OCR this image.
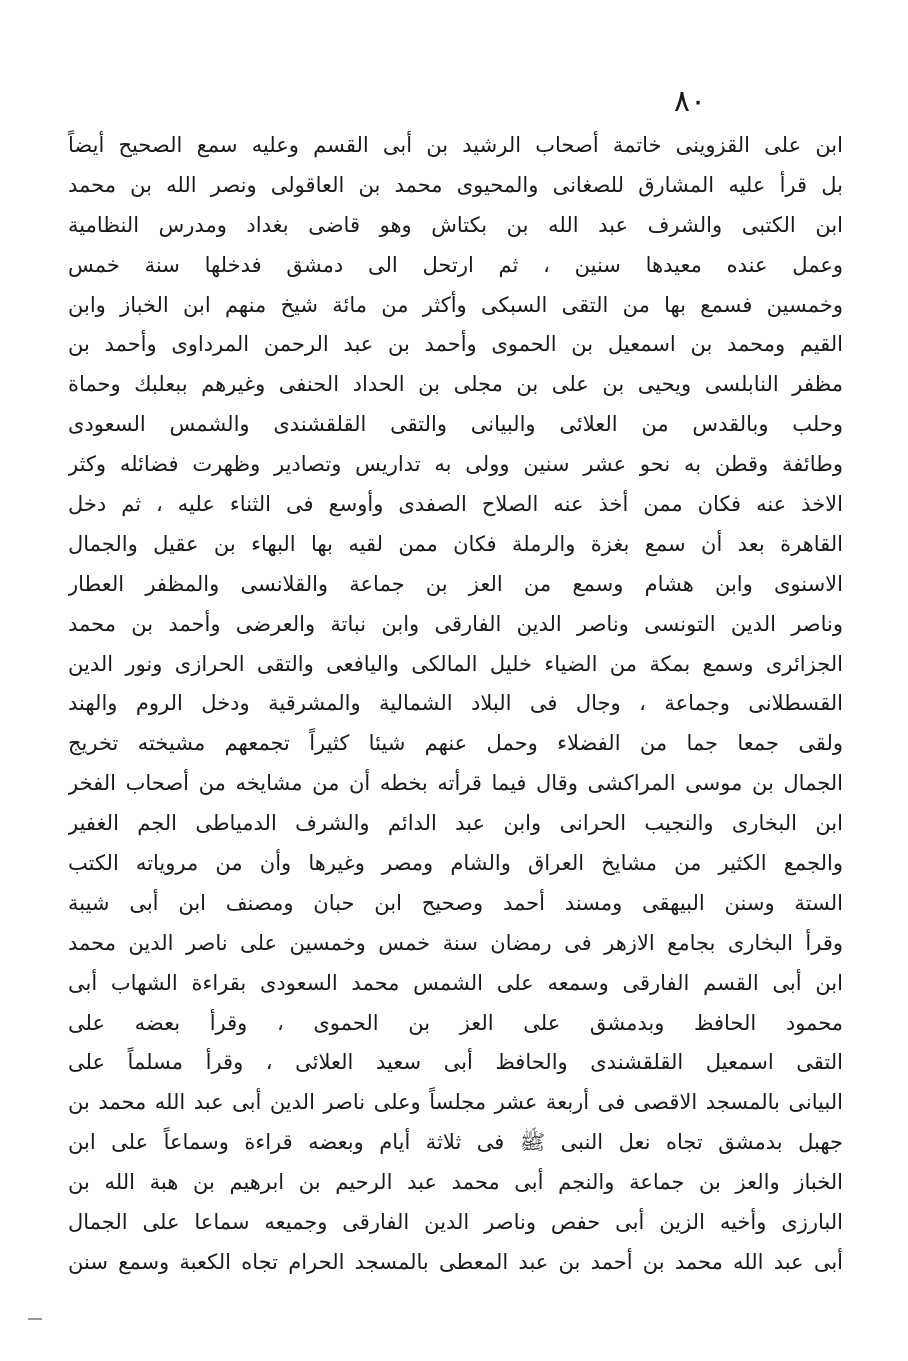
٨٠
ابن على القزوينى خاتمة أصحاب الرشيد بن أبى القسم وعليه سمع الصحيح أيضاً
بل قرأ عليه المشارق للصغانى والمحيوى محمد بن العاقولى ونصر الله بن محمد
ابن الكتبى والشرف عبد الله بن بكتاش وهو قاضى بغداد ومدرس النظامية
وعمل عنده معيدها سنين ، ثم ارتحل الى دمشق فدخلها سنة خمس
وخمسين فسمع بها من التقى السبكى وأكثر من مائة شيخ منهم ابن الخباز وابن
القيم ومحمد بن اسمعيل بن الحموى وأحمد بن عبد الرحمن المرداوى وأحمد بن
مظفر النابلسى ويحيى بن على بن مجلى بن الحداد الحنفى وغيرهم ببعلبك وحماة
وحلب وبالقدس من العلائى والبيانى والتقى القلقشندى والشمس السعودى
وطائفة وقطن به نحو عشر سنين وولى به تداريس وتصادير وظهرت فضائله وكثر
الاخذ عنه فكان ممن أخذ عنه الصلاح الصفدى وأوسع فى الثناء عليه ، ثم دخل
القاهرة بعد أن سمع بغزة والرملة فكان ممن لقيه بها البهاء بن عقيل والجمال
الاسنوى وابن هشام وسمع من العز بن جماعة والقلانسى والمظفر العطار
وناصر الدين التونسى وناصر الدين الفارقى وابن نباتة والعرضى وأحمد بن محمد
الجزائرى وسمع بمكة من الضياء خليل المالكى واليافعى والتقى الحرازى ونور الدين
القسطلانى وجماعة ، وجال فى البلاد الشمالية والمشرقية ودخل الروم والهند
ولقى جمعا جما من الفضلاء وحمل عنهم شيئا كثيراً تجمعهم مشيخته تخريج
الجمال بن موسى المراكشى وقال فيما قرأته بخطه أن من مشايخه من أصحاب الفخر
ابن البخارى والنجيب الحرانى وابن عبد الدائم والشرف الدمياطى الجم الغفير
والجمع الكثير من مشايخ العراق والشام ومصر وغيرها وأن من مروياته الكتب
الستة وسنن البيهقى ومسند أحمد وصحيح ابن حبان ومصنف ابن أبى شيبة
وقرأ البخارى بجامع الازهر فى رمضان سنة خمس وخمسين على ناصر الدين محمد
ابن أبى القسم الفارقى وسمعه على الشمس محمد السعودى بقراءة الشهاب أبى
محمود الحافظ وبدمشق على العز بن الحموى ، وقرأ بعضه على
التقى اسمعيل القلقشندى والحافظ أبى سعيد العلائى ، وقرأ مسلماً على
البيانى بالمسجد الاقصى فى أربعة عشر مجلساً وعلى ناصر الدين أبى عبد الله محمد بن
جهبل بدمشق تجاه نعل النبى ﷺ فى ثلاثة أيام وبعضه قراءة وسماعاً على ابن
الخباز والعز بن جماعة والنجم أبى محمد عبد الرحيم بن ابرهيم بن هبة الله بن
البارزى وأخيه الزين أبى حفص وناصر الدين الفارقى وجميعه سماعا على الجمال
أبى عبد الله محمد بن أحمد بن عبد المعطى بالمسجد الحرام تجاه الكعبة وسمع سنن
